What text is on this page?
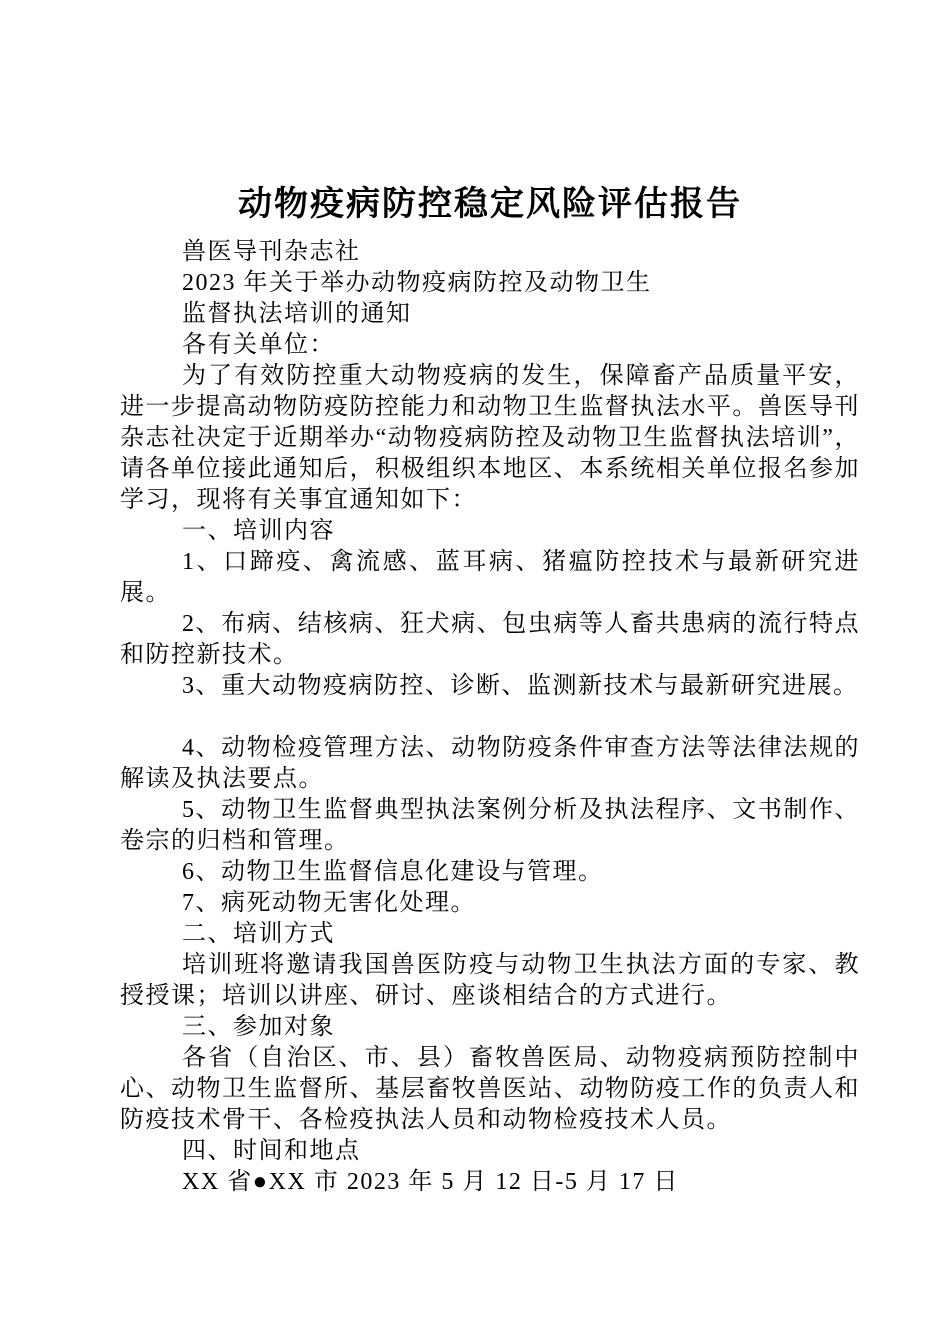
动物疫病防控稳定风险评估报告

兽医导刊杂志社

2023 年关于举办动物疫病防控及动物卫生

监督执法培训的通知

各有关单位：

为了有效防控重大动物疫病的发生，保障畜产品质量平安，进一步提高动物防疫防控能力和动物卫生监督执法水平。兽医导刊杂志社决定于近期举办“动物疫病防控及动物卫生监督执法培训”，请各单位接此通知后，积极组织本地区、本系统相关单位报名参加学习，现将有关事宜通知如下：

一、培训内容

1、口蹄疫、禽流感、蓝耳病、猪瘟防控技术与最新研究进展。

2、布病、结核病、狂犬病、包虫病等人畜共患病的流行特点和防控新技术。

3、重大动物疫病防控、诊断、监测新技术与最新研究进展。

4、动物检疫管理方法、动物防疫条件审查方法等法律法规的解读及执法要点。

5、动物卫生监督典型执法案例分析及执法程序、文书制作、卷宗的归档和管理。

6、动物卫生监督信息化建设与管理。

7、病死动物无害化处理。

二、培训方式

培训班将邀请我国兽医防疫与动物卫生执法方面的专家、教授授课；培训以讲座、研讨、座谈相结合的方式进行。

三、参加对象

各省（自治区、市、县）畜牧兽医局、动物疫病预防控制中心、动物卫生监督所、基层畜牧兽医站、动物防疫工作的负责人和防疫技术骨干、各检疫执法人员和动物检疫技术人员。

四、时间和地点

XX 省●XX 市 2023 年 5 月 12 日-5 月 17 日
